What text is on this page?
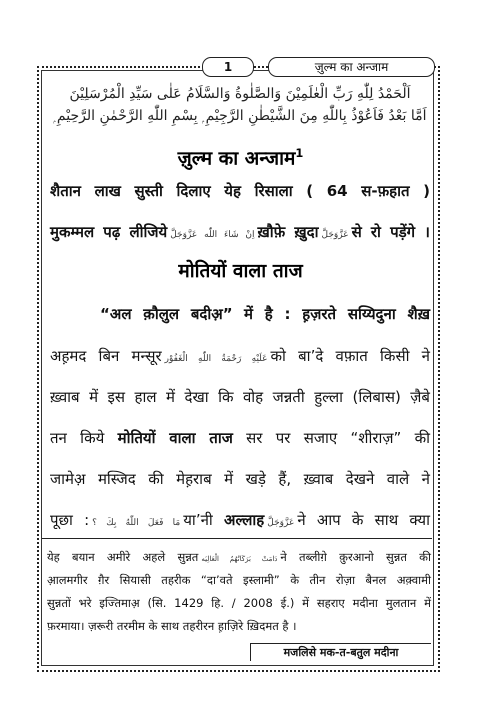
1	ज़ुल्म का अन्जाम
اَلْحَمْدُ لِلّٰهِ رَبِّ الْعٰلَمِيْنَ وَالصَّلٰوةُ وَالسَّلَامُ عَلٰى سَيِّدِ الْمُرْسَلِيْنَ
اَمَّا بَعْدُ فَاَعُوْذُ بِاللّٰهِ مِنَ الشَّيْطٰنِ الرَّجِيْمِ ۭ بِسْمِ اللّٰهِ الرَّحْمٰنِ الرَّحِيْمِ ۭ
ज़ुल्म का अन्जाम$^1$
शैतान लाख सुस्ती दिलाए येह रिसाला ( 64 स-फ़हात )
मुकम्मल पढ़ लीजिये اِنْ شَاءَ اللّٰه عَزَّوَجَلَّ ख़ौफ़े ख़ुदा عَزَّوَجَلَّ से रो पड़ेंगे ।
मोतियों वाला ताज
“अल क़ौलुल बदीअ़” में है : ह़ज़रते सय्यिदुना शैख़
अह़मद बिन मन्सूर عَلَيْهِ رَحْمَةُ اللّٰهِ الْغَفُوْر को बा’दे वफ़ात किसी ने
ख़्वाब में इस हाल में देखा कि वोह जन्नती हुल्ला (लिबास) ज़ैबे
तन किये मोतियों वाला ताज सर पर सजाए “शीराज़” की
जामेअ़ मस्जिद की मेह़राब में खड़े हैं, ख़्वाब देखने वाले ने
पूछा : مَا فَعَلَ اللّٰهُ بِكَ ؟ या’नी अल्लाह عَزَّوَجَلَّ ने आप के साथ क्या
येह बयान अमीरे अहले सुन्नत دَامَتْ بَرَكَاتُهُمُ الْعَالِيَه ने तब्लीग़े क़ुरआनो सुन्नत की
आ़लमगीर ग़ैर सियासी तहरीक “दा’वते इस्लामी” के तीन रोज़ा बैनल अक़्वामी
सुन्नतों भरे इज्तिमाअ़ (सि. 1429 हि. / 2008 ई.) में सहराए मदीना मुलतान में
फ़रमाया। ज़रूरी तरमीम के साथ तहरीरन ह़ाज़िरे ख़िदमत है ।
मजलिसे मक-त-बतुल मदीना
